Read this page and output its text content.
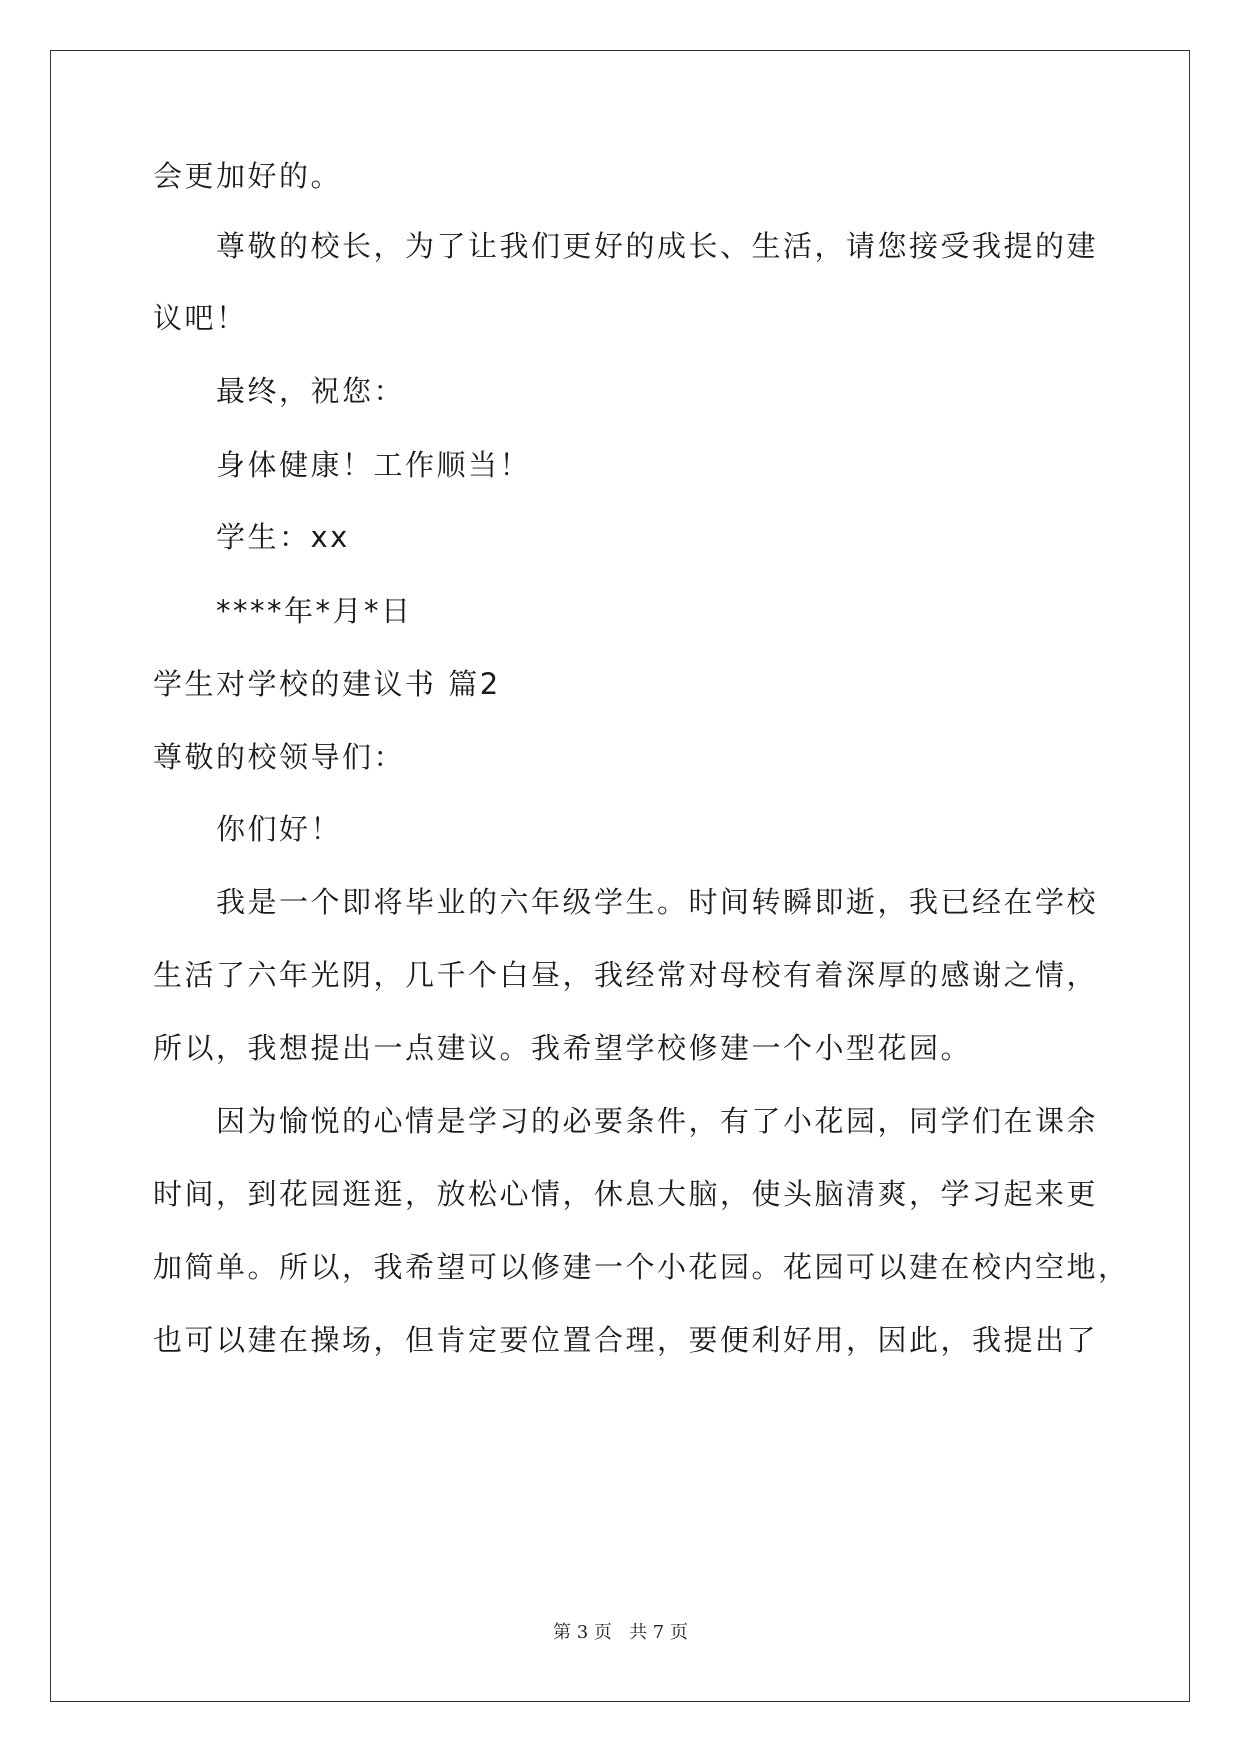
会更加好的。
尊敬的校长，为了让我们更好的成长、生活，请您接受我提的建
议吧！
最终，祝您：
身体健康！工作顺当！
学生：xx
****年*月*日
学生对学校的建议书 篇2
尊敬的校领导们：
你们好！
我是一个即将毕业的六年级学生。时间转瞬即逝，我已经在学校
生活了六年光阴，几千个白昼，我经常对母校有着深厚的感谢之情，
所以，我想提出一点建议。我希望学校修建一个小型花园。
因为愉悦的心情是学习的必要条件，有了小花园，同学们在课余
时间，到花园逛逛，放松心情，休息大脑，使头脑清爽，学习起来更
加简单。所以，我希望可以修建一个小花园。花园可以建在校内空地，
也可以建在操场，但肯定要位置合理，要便利好用，因此，我提出了
第 3 页   共 7 页
